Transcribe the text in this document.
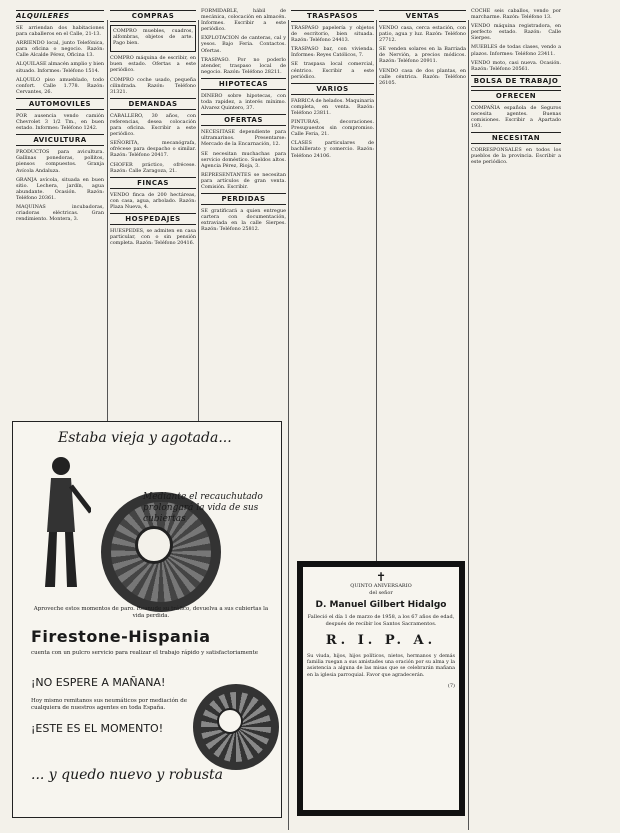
ALQUILERES

SE arriendan dos habitaciones para caballeros en el Calle, 21-13.

ARRIENDO local, junto Telefónica, para oficina o negocio. Razón: Calle Alcalde Pérez, Oficina 13.

ALQUILASE almacén amplio y bien situado. Informes: Teléfono 1514.

ALQUILO piso amueblado, todo confort. Calle 1.778. Razón: Cervantes, 26.

AUTOMOVILES

POR ausencia vendo camión Chevrolet 3 1/2 Tm., en buen estado. Informes: Teléfono 1242.

AVICULTURA

PRODUCTOS para avicultura. Gallinas ponedoras, pollitos, piensos compuestos. Granja Avícola Andaluza.

GRANJA avícola, situada en buen sitio. Lechera, jardín, agua abundante. Ocasión. Razón: Teléfono 20361.

MAQUINAS incubadoras, criadoras eléctricas. Gran rendimiento. Montera, 3.

COMPRAS

COMPRO muebles, cuadros, alfombras, objetos de arte. Pago bien.

COMPRO máquina de escribir, en buen estado. Ofertas a este periódico.

COMPRO coche usado, pequeña cilindrada. Razón: Teléfono 31321.

DEMANDAS

CABALLERO, 30 años, con referencias, desea colocación para oficina. Escribir a este periódico.

SEÑORITA, mecanógrafa, ofrécese para despacho o similar. Razón: Teléfono 20417.

CHOFER práctico, ofrécese. Razón: Calle Zaragoza, 21.

FINCAS

VENDO finca de 200 hectáreas, con casa, agua, arbolado. Razón: Plaza Nueva, 4.

HOSPEDAJES

HUESPEDES, se admiten en casa particular, con o sin pensión completa. Razón: Teléfono 20416.

FORMIDABLE, hábil de mecánica, colocación en almacén. Informes. Escribir a este periódico.

EXPLOTACION de canteras, cal y yesos. Bajo Feria. Contactos. Ofertas.

TRASPASO. Por no poderlo atender, traspaso local de negocio. Razón: Teléfono 28211.

HIPOTECAS

DINERO sobre hipotecas, con toda rapidez, a interés mínimo. Alvarez Quintero, 37.

OFERTAS

NECESITASE dependiente para ultramarinos. Presentarse: Mercado de la Encarnación, 12.

SE necesitan muchachas para servicio doméstico. Sueldos altos. Agencia Pérez, Rioja, 3.

REPRESENTANTES se necesitan para artículos de gran venta. Comisión. Escribir.

PERDIDAS

SE gratificará a quien entregue cartera con documentación, extraviada en la calle Sierpes. Razón: Teléfono 25812.

TRASPASOS

TRASPASO papelería y objetos de escritorio, bien situada. Razón: Teléfono 24413.

TRASPASO bar, con vivienda. Informes: Reyes Católicos, 7.

SE traspasa local comercial, céntrico. Escribir a este periódico.

VARIOS

FABRICA de helados. Maquinaria completa, en venta. Razón: Teléfono 23811.

PINTURAS, decoraciones. Presupuestos sin compromiso. Calle Feria, 21.

CLASES particulares de bachillerato y comercio. Razón: Teléfono 24106.

VENTAS

VENDO casa, cerca estación, con patio, agua y luz. Razón: Teléfono 27712.

SE venden solares en la Barriada de Nervión, a precios módicos. Razón: Teléfono 20911.

VENDO casa de dos plantas, en calle céntrica. Razón: Teléfono 26105.

COCHE seis caballos, vendo por marcharme. Razón: Teléfono 13.

VENDO máquina registradora, en perfecto estado. Razón: Calle Sierpes.

MUEBLES de todas clases, vendo a plazos. Informes: Teléfono 23411.

VENDO moto, casi nueva. Ocasión. Razón: Teléfono 20561.

BOLSA DE TRABAJO
OFRECEN

COMPAÑIA española de Seguros necesita agentes. Buenas comisiones. Escribir a Apartado 193.

NECESITAN

CORRESPONSALES en todos los pueblos de la provincia. Escribir a este periódico.

Estaba vieja y agotada...
Mediante el recauchutado prolongará la vida de sus cubiertas
Aproveche estos momentos de paro. Reanude su tráfico, devuelva a sus cubiertas la vida perdida.
Firestone-Hispania
cuenta con un pulcro servicio para realizar el trabajo rápido y satisfactoriamente
¡NO ESPERE A MAÑANA!
Hoy mismo remitanos sus neumáticos por mediación de cualquiera de nuestros agentes en toda España.
¡ESTE ES EL MOMENTO!
... y quedo nuevo y robusta
✝
QUINTO ANIVERSARIO
del señor
D. Manuel Gilbert Hidalgo
Falleció el día 1 de marzo de 1958, a los 67 años de edad, después de recibir los Santos Sacramentos.
R. I. P. A.
Su viuda, hijos, hijos políticos, nietos, hermanos y demás familia ruegan a sus amistades una oración por su alma y la asistencia a alguna de las misas que se celebrarán mañana en la iglesia parroquial. Favor que agradecerán.
(7)
